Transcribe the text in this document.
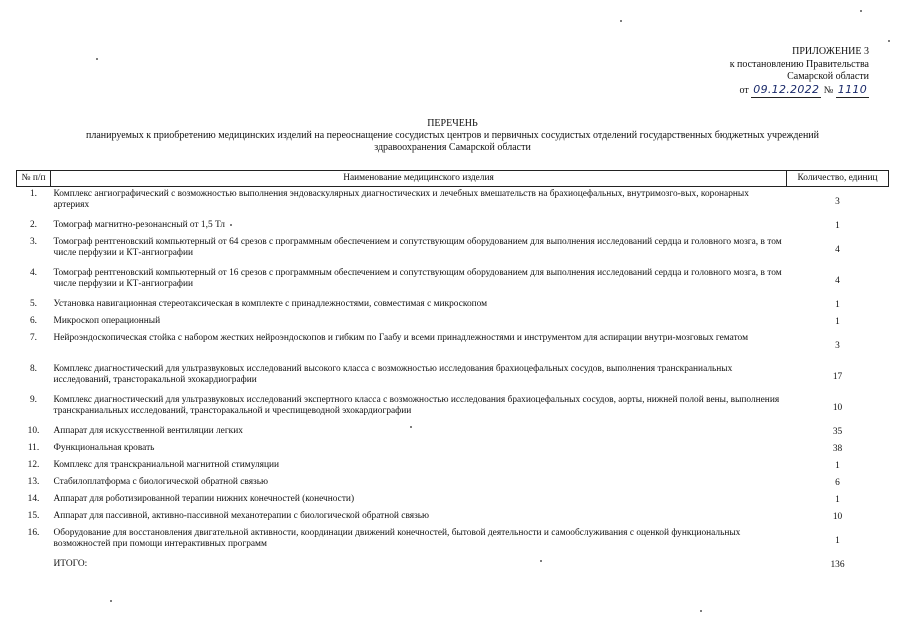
ПРИЛОЖЕНИЕ 3
к постановлению Правительства
Самарской области
от 09.12.2022 № 1110
ПЕРЕЧЕНЬ
планируемых к приобретению медицинских изделий на переоснащение сосудистых центров и первичных сосудистых отделений государственных бюджетных учреждений здравоохранения Самарской области
№ п/п	Наименование медицинского изделия	Количество, единиц
1.	Комплекс ангиографический с возможностью выполнения эндоваскулярных диагностических и лечебных вмешательств на брахиоцефальных, внутримозго-вых, коронарных артериях	3
2.	Томограф магнитно-резонансный от 1,5 Тл	1
3.	Томограф рентгеновский компьютерный от 64 срезов с программным обеспечением и сопутствующим оборудованием для выполнения исследований сердца и головного мозга, в том числе перфузии и КТ-ангиографии	4
4.	Томограф рентгеновский компьютерный от 16 срезов с программным обеспечением и сопутствующим оборудованием для выполнения исследований сердца и головного мозга, в том числе перфузии и КТ-ангиографии	4
5.	Установка навигационная стереотаксическая в комплекте с принадлежностями, совместимая с микроскопом	1
6.	Микроскоп операционный	1
7.	Нейроэндоскопическая стойка с набором жестких нейроэндоскопов и гибким по Гаабу и всеми принадлежностями и инструментом для аспирации внутри-мозговых гематом	3
8.	Комплекс диагностический для ультразвуковых исследований высокого класса с возможностью исследования брахиоцефальных сосудов, выполнения транскраниальных исследований, трансторакальной эхокардиографии	17
9.	Комплекс диагностический для ультразвуковых исследований экспертного класса с возможностью исследования брахиоцефальных сосудов, аорты, нижней полой вены, выполнения транскраниальных исследований, трансторакальной и чреспищеводной эхокардиографии	10
10.	Аппарат для искусственной вентиляции легких	35
11.	Функциональная кровать	38
12.	Комплекс для транскраниальной магнитной стимуляции	1
13.	Стабилоплатформа с биологической обратной связью	6
14.	Аппарат для роботизированной терапии нижних конечностей (конечности)	1
15.	Аппарат для пассивной, активно-пассивной механотерапии с биологической обратной связью	10
16.	Оборудование для восстановления двигательной активности, координации движений конечностей, бытовой деятельности и самообслуживания с оценкой функциональных возможностей при помощи интерактивных программ	1
	ИТОГО:	136
